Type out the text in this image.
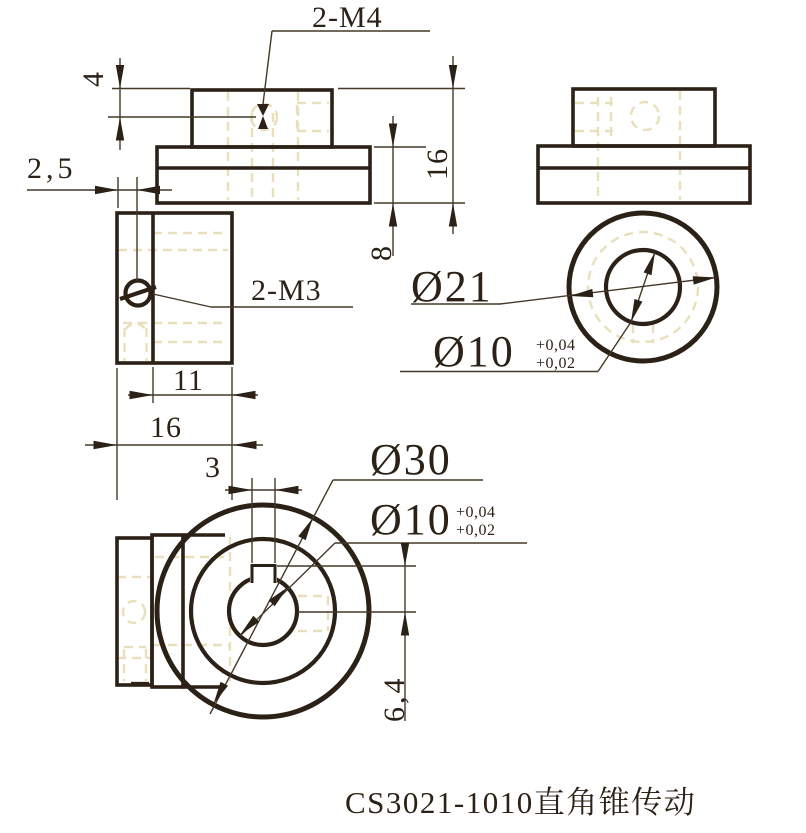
2-M4
4
2,5	16
8
2-M3
11
16
Ø21
Ø10 +0,04
+0,02
3	Ø30
Ø10 +0,04
+0,02
6,4
CS3021-1010直角锥传动
